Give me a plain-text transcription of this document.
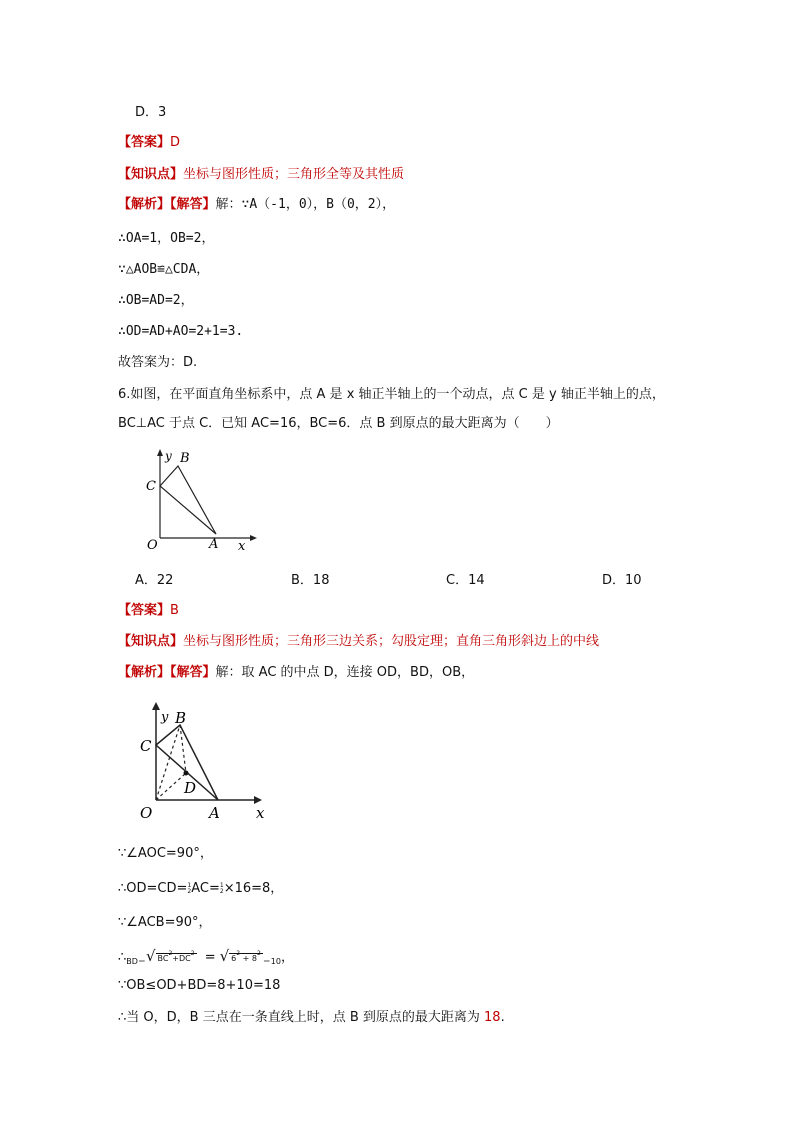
D．3
【答案】D
【知识点】坐标与图形性质；三角形全等及其性质
【解析】【解答】解：∵A（-1，0），B（0，2），
∴OA=1，OB=2，
∵△AOB≌△CDA，
∴OB=AD=2，
∴OD=AD+AO=2+1=3.
故答案为：D.
6.如图，在平面直角坐标系中，点 A 是 x 轴正半轴上的一个动点，点 C 是 y 轴正半轴上的点，
BC⊥AC 于点 C．已知 AC=16，BC=6．点 B 到原点的最大距离为（　　）
y B
C
O	A x
A．22	B．18	C．14	D．10
【答案】B
【知识点】坐标与图形性质；三角形三边关系；勾股定理；直角三角形斜边上的中线
【解析】【解答】解：取 AC 的中点 D，连接 OD，BD，OB，
y B
C
D
O	A x
∵∠AOC=90°，
∴OD=CD=1
2AC=1
2×16=8，
∵∠ACB=90°，
$\therefore_{BD=}√$ $BC^2+DC^2$ = √ $6^2 + 8^2_{=10}$，
∵OB≤OD+BD=8+10=18
∴当 O，D，B 三点在一条直线上时，点 B 到原点的最大距离为 18.
